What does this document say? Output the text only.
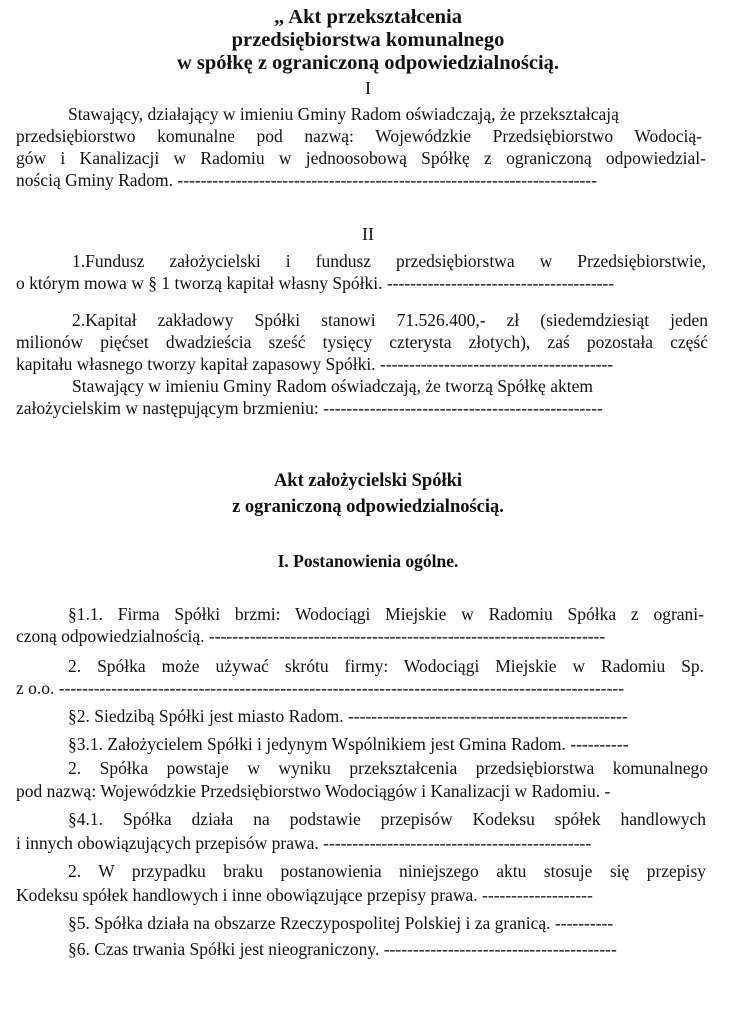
„ Akt przekształcenia
przedsiębiorstwa komunalnego
w spółkę z ograniczoną odpowiedzialnością.
I
Stawający, działający w imieniu Gminy Radom oświadczają, że przekształcają
przedsiębiorstwo komunalne pod nazwą: Wojewódzkie Przedsiębiorstwo Wodocią-
gów i Kanalizacji w Radomiu w jednoosobową Spółkę z ograniczoną odpowiedzial-
nością Gminy Radom. ------------------------------------------------------------------------
II
1.Fundusz założycielski i fundusz przedsiębiorstwa w Przedsiębiorstwie,
o którym mowa w § 1 tworzą kapitał własny Spółki. ---------------------------------------
2.Kapitał zakładowy Spółki stanowi 71.526.400,- zł (siedemdziesiąt jeden
milionów pięćset dwadzieścia sześć tysięcy czterysta złotych), zaś pozostała część
kapitału własnego tworzy kapitał zapasowy Spółki. ----------------------------------------
Stawający w imieniu Gminy Radom oświadczają, że tworzą Spółkę aktem
założycielskim w następującym brzmieniu: ------------------------------------------------
Akt założycielski Spółki
z ograniczoną odpowiedzialnością.
I. Postanowienia ogólne.
§1.1. Firma Spółki brzmi: Wodociągi Miejskie w Radomiu Spółka z ograni-
czoną odpowiedzialnością. --------------------------------------------------------------------
2. Spółka może używać skrótu firmy: Wodociągi Miejskie w Radomiu Sp.
z o.o. -------------------------------------------------------------------------------------------------
§2. Siedzibą Spółki jest miasto Radom. ------------------------------------------------
§3.1. Założycielem Spółki i jedynym Wspólnikiem jest Gmina Radom. ----------
2. Spółka powstaje w wyniku przekształcenia przedsiębiorstwa komunalnego
pod nazwą: Wojewódzkie Przedsiębiorstwo Wodociągów i Kanalizacji w Radomiu. -
§4.1. Spółka działa na podstawie przepisów Kodeksu spółek handlowych
i innych obowiązujących przepisów prawa. ----------------------------------------------
2. W przypadku braku postanowienia niniejszego aktu stosuje się przepisy
Kodeksu spółek handlowych i inne obowiązujące przepisy prawa. -------------------
§5. Spółka działa na obszarze Rzeczypospolitej Polskiej i za granicą. ----------
§6. Czas trwania Spółki jest nieograniczony. ----------------------------------------
